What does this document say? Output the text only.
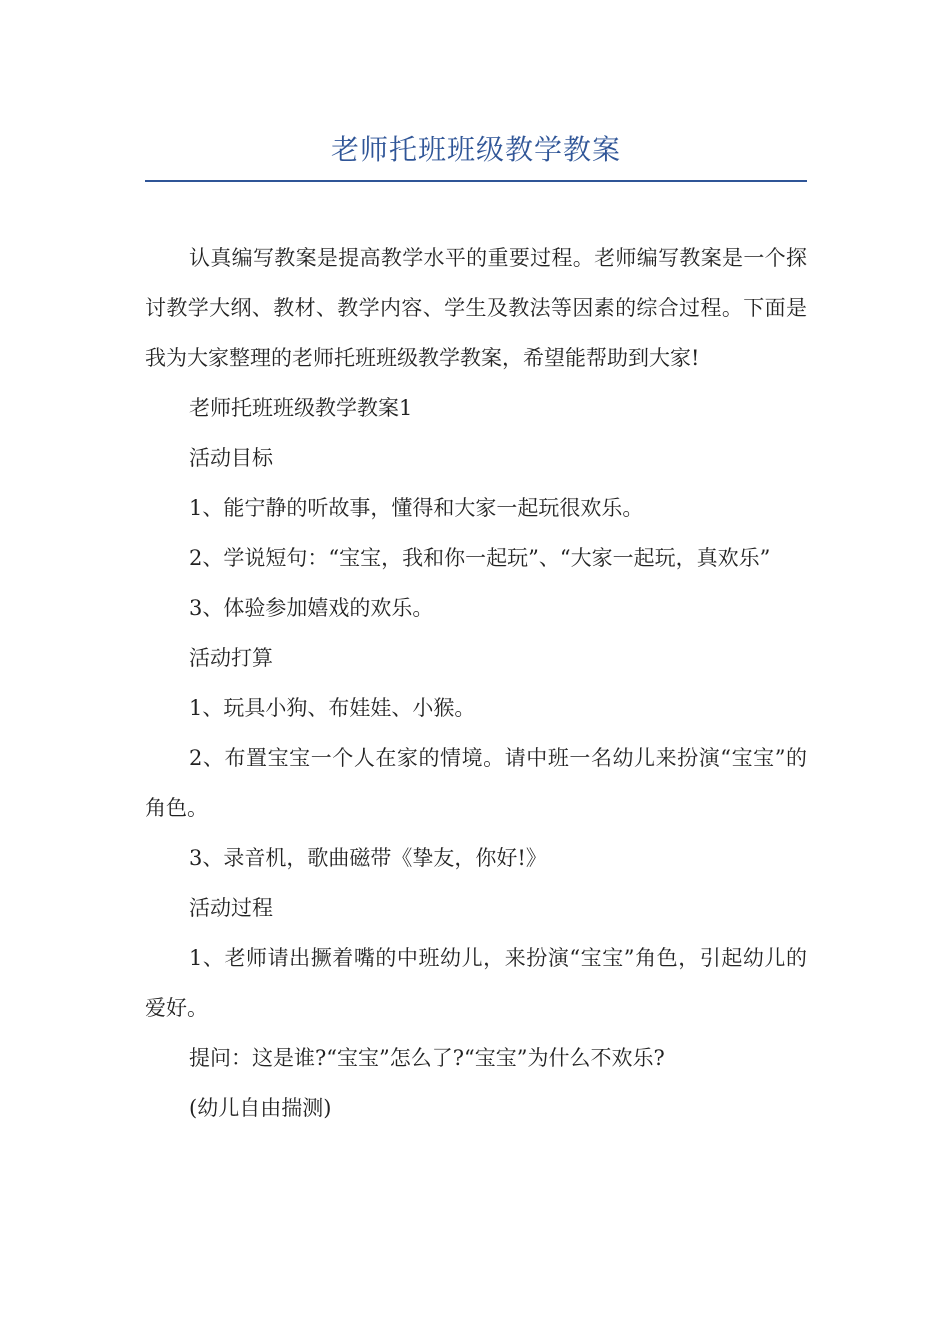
老师托班班级教学教案

认真编写教案是提高教学水平的重要过程。老师编写教案是一个探讨教学大纲、教材、教学内容、学生及教法等因素的综合过程。下面是我为大家整理的老师托班班级教学教案，希望能帮助到大家!

老师托班班级教学教案1

活动目标

1、能宁静的听故事，懂得和大家一起玩很欢乐。

2、学说短句：“宝宝，我和你一起玩”、“大家一起玩，真欢乐”

3、体验参加嬉戏的欢乐。

活动打算

1、玩具小狗、布娃娃、小猴。

2、布置宝宝一个人在家的情境。请中班一名幼儿来扮演“宝宝”的角色。

3、录音机，歌曲磁带《挚友，你好!》

活动过程

1、老师请出撅着嘴的中班幼儿，来扮演“宝宝”角色，引起幼儿的爱好。

提问：这是谁?“宝宝”怎么了?“宝宝”为什么不欢乐?

(幼儿自由揣测)
